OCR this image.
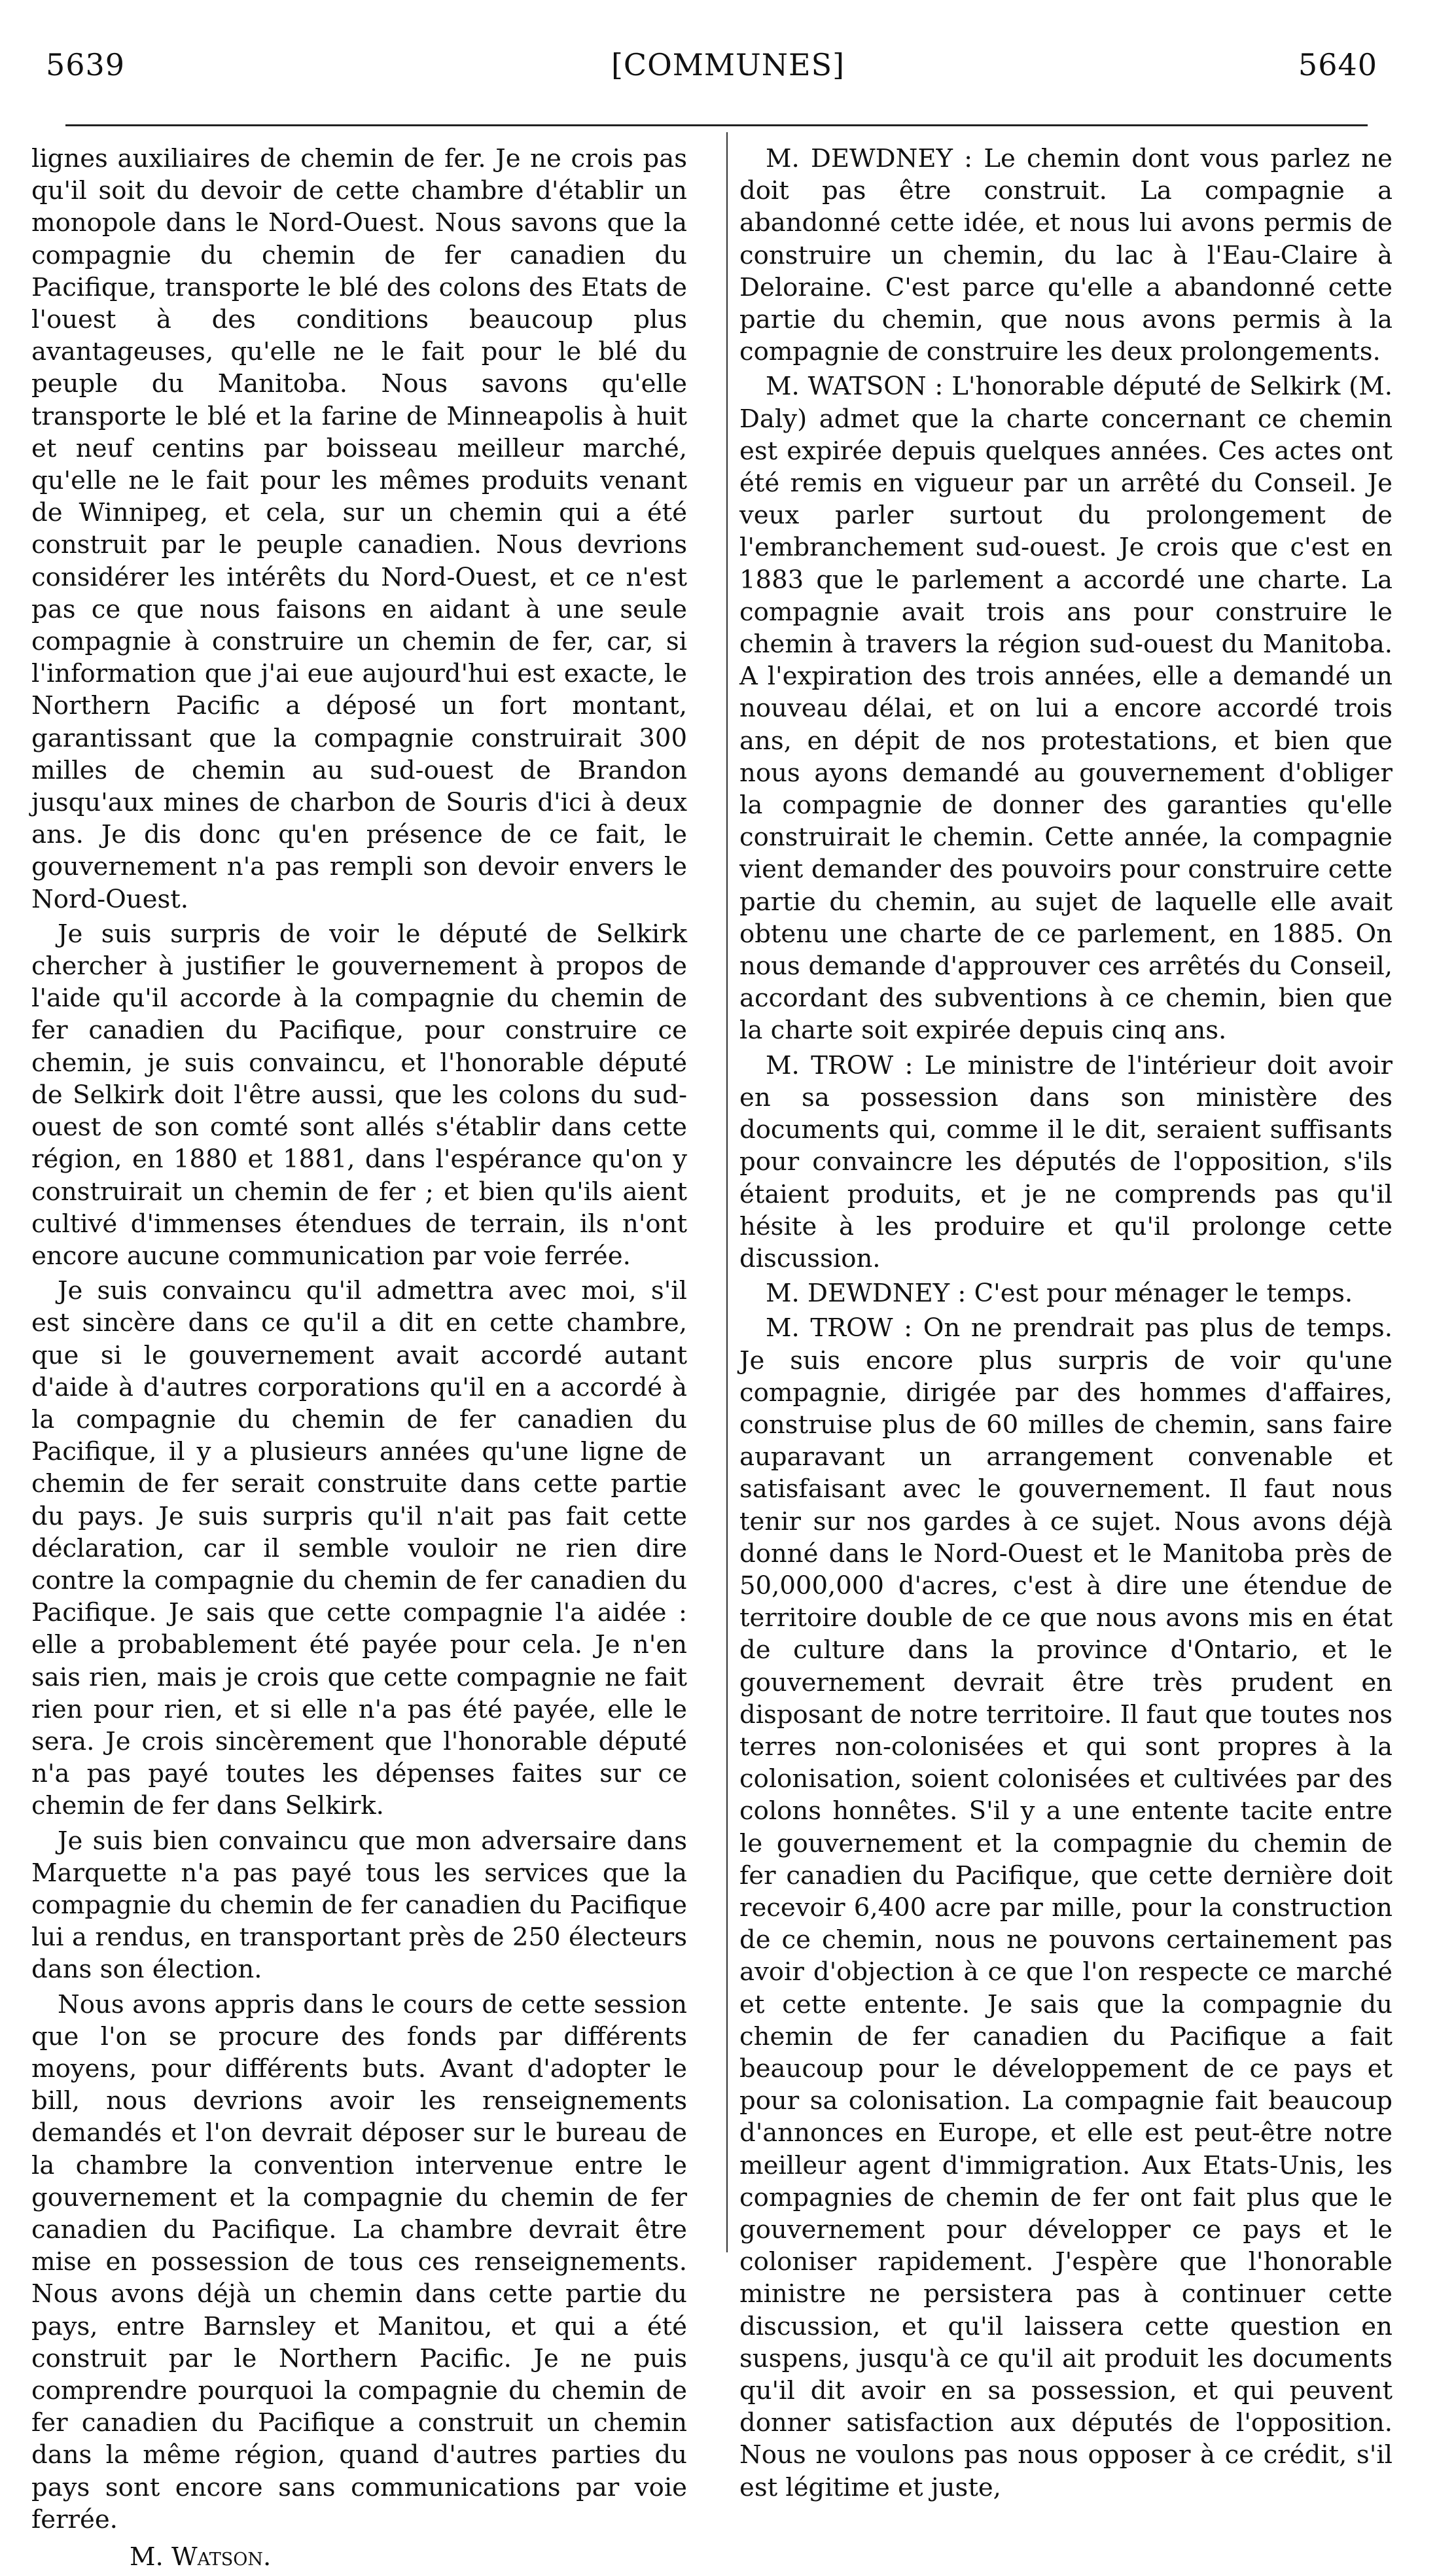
5639	[COMMUNES]	5640

lignes auxiliaires de chemin de fer. Je ne crois pas qu'il soit du devoir de cette chambre d'établir un monopole dans le Nord-Ouest. Nous savons que la compagnie du chemin de fer canadien du Pacifique, transporte le blé des colons des Etats de l'ouest à des conditions beaucoup plus avantageuses, qu'elle ne le fait pour le blé du peuple du Manitoba. Nous savons qu'elle transporte le blé et la farine de Minneapolis à huit et neuf centins par boisseau meilleur marché, qu'elle ne le fait pour les mêmes produits venant de Winnipeg, et cela, sur un chemin qui a été construit par le peuple canadien. Nous devrions considérer les intérêts du Nord-Ouest, et ce n'est pas ce que nous faisons en aidant à une seule compagnie à construire un chemin de fer, car, si l'information que j'ai eue aujourd'hui est exacte, le Northern Pacific a déposé un fort montant, garantissant que la compagnie construirait 300 milles de chemin au sud-ouest de Brandon jusqu'aux mines de charbon de Souris d'ici à deux ans. Je dis donc qu'en présence de ce fait, le gouvernement n'a pas rempli son devoir envers le Nord-Ouest.

Je suis surpris de voir le député de Selkirk chercher à justifier le gouvernement à propos de l'aide qu'il accorde à la compagnie du chemin de fer canadien du Pacifique, pour construire ce chemin, je suis convaincu, et l'honorable député de Selkirk doit l'être aussi, que les colons du sud-ouest de son comté sont allés s'établir dans cette région, en 1880 et 1881, dans l'espérance qu'on y construirait un chemin de fer ; et bien qu'ils aient cultivé d'immenses étendues de terrain, ils n'ont encore aucune communication par voie ferrée.

Je suis convaincu qu'il admettra avec moi, s'il est sincère dans ce qu'il a dit en cette chambre, que si le gouvernement avait accordé autant d'aide à d'autres corporations qu'il en a accordé à la compagnie du chemin de fer canadien du Pacifique, il y a plusieurs années qu'une ligne de chemin de fer serait construite dans cette partie du pays. Je suis surpris qu'il n'ait pas fait cette déclaration, car il semble vouloir ne rien dire contre la compagnie du chemin de fer canadien du Pacifique. Je sais que cette compagnie l'a aidée : elle a probablement été payée pour cela. Je n'en sais rien, mais je crois que cette compagnie ne fait rien pour rien, et si elle n'a pas été payée, elle le sera. Je crois sincèrement que l'honorable député n'a pas payé toutes les dépenses faites sur ce chemin de fer dans Selkirk.

Je suis bien convaincu que mon adversaire dans Marquette n'a pas payé tous les services que la compagnie du chemin de fer canadien du Pacifique lui a rendus, en transportant près de 250 électeurs dans son élection.

Nous avons appris dans le cours de cette session que l'on se procure des fonds par différents moyens, pour différents buts. Avant d'adopter le bill, nous devrions avoir les renseignements demandés et l'on devrait déposer sur le bureau de la chambre la convention intervenue entre le gouvernement et la compagnie du chemin de fer canadien du Pacifique. La chambre devrait être mise en possession de tous ces renseignements. Nous avons déjà un chemin dans cette partie du pays, entre Barnsley et Manitou, et qui a été construit par le Northern Pacific. Je ne puis comprendre pourquoi la compagnie du chemin de fer canadien du Pacifique a construit un chemin dans la même région, quand d'autres parties du pays sont encore sans communications par voie ferrée.

M. Watson.

M. DEWDNEY : Le chemin dont vous parlez ne doit pas être construit. La compagnie a abandonné cette idée, et nous lui avons permis de construire un chemin, du lac à l'Eau-Claire à Deloraine. C'est parce qu'elle a abandonné cette partie du chemin, que nous avons permis à la compagnie de construire les deux prolongements.

M. WATSON : L'honorable député de Selkirk (M. Daly) admet que la charte concernant ce chemin est expirée depuis quelques années. Ces actes ont été remis en vigueur par un arrêté du Conseil. Je veux parler surtout du prolongement de l'embranchement sud-ouest. Je crois que c'est en 1883 que le parlement a accordé une charte. La compagnie avait trois ans pour construire le chemin à travers la région sud-ouest du Manitoba. A l'expiration des trois années, elle a demandé un nouveau délai, et on lui a encore accordé trois ans, en dépit de nos protestations, et bien que nous ayons demandé au gouvernement d'obliger la compagnie de donner des garanties qu'elle construirait le chemin. Cette année, la compagnie vient demander des pouvoirs pour construire cette partie du chemin, au sujet de laquelle elle avait obtenu une charte de ce parlement, en 1885. On nous demande d'approuver ces arrêtés du Conseil, accordant des subventions à ce chemin, bien que la charte soit expirée depuis cinq ans.

M. TROW : Le ministre de l'intérieur doit avoir en sa possession dans son ministère des documents qui, comme il le dit, seraient suffisants pour convaincre les députés de l'opposition, s'ils étaient produits, et je ne comprends pas qu'il hésite à les produire et qu'il prolonge cette discussion.

M. DEWDNEY : C'est pour ménager le temps.

M. TROW : On ne prendrait pas plus de temps. Je suis encore plus surpris de voir qu'une compagnie, dirigée par des hommes d'affaires, construise plus de 60 milles de chemin, sans faire auparavant un arrangement convenable et satisfaisant avec le gouvernement. Il faut nous tenir sur nos gardes à ce sujet. Nous avons déjà donné dans le Nord-Ouest et le Manitoba près de 50,000,000 d'acres, c'est à dire une étendue de territoire double de ce que nous avons mis en état de culture dans la province d'Ontario, et le gouvernement devrait être très prudent en disposant de notre territoire. Il faut que toutes nos terres non-colonisées et qui sont propres à la colonisation, soient colonisées et cultivées par des colons honnêtes. S'il y a une entente tacite entre le gouvernement et la compagnie du chemin de fer canadien du Pacifique, que cette dernière doit recevoir 6,400 acre par mille, pour la construction de ce chemin, nous ne pouvons certainement pas avoir d'objection à ce que l'on respecte ce marché et cette entente. Je sais que la compagnie du chemin de fer canadien du Pacifique a fait beaucoup pour le développement de ce pays et pour sa colonisation. La compagnie fait beaucoup d'annonces en Europe, et elle est peut-être notre meilleur agent d'immigration. Aux Etats-Unis, les compagnies de chemin de fer ont fait plus que le gouvernement pour développer ce pays et le coloniser rapidement. J'espère que l'honorable ministre ne persistera pas à continuer cette discussion, et qu'il laissera cette question en suspens, jusqu'à ce qu'il ait produit les documents qu'il dit avoir en sa possession, et qui peuvent donner satisfaction aux députés de l'opposition. Nous ne voulons pas nous opposer à ce crédit, s'il est légitime et juste,
